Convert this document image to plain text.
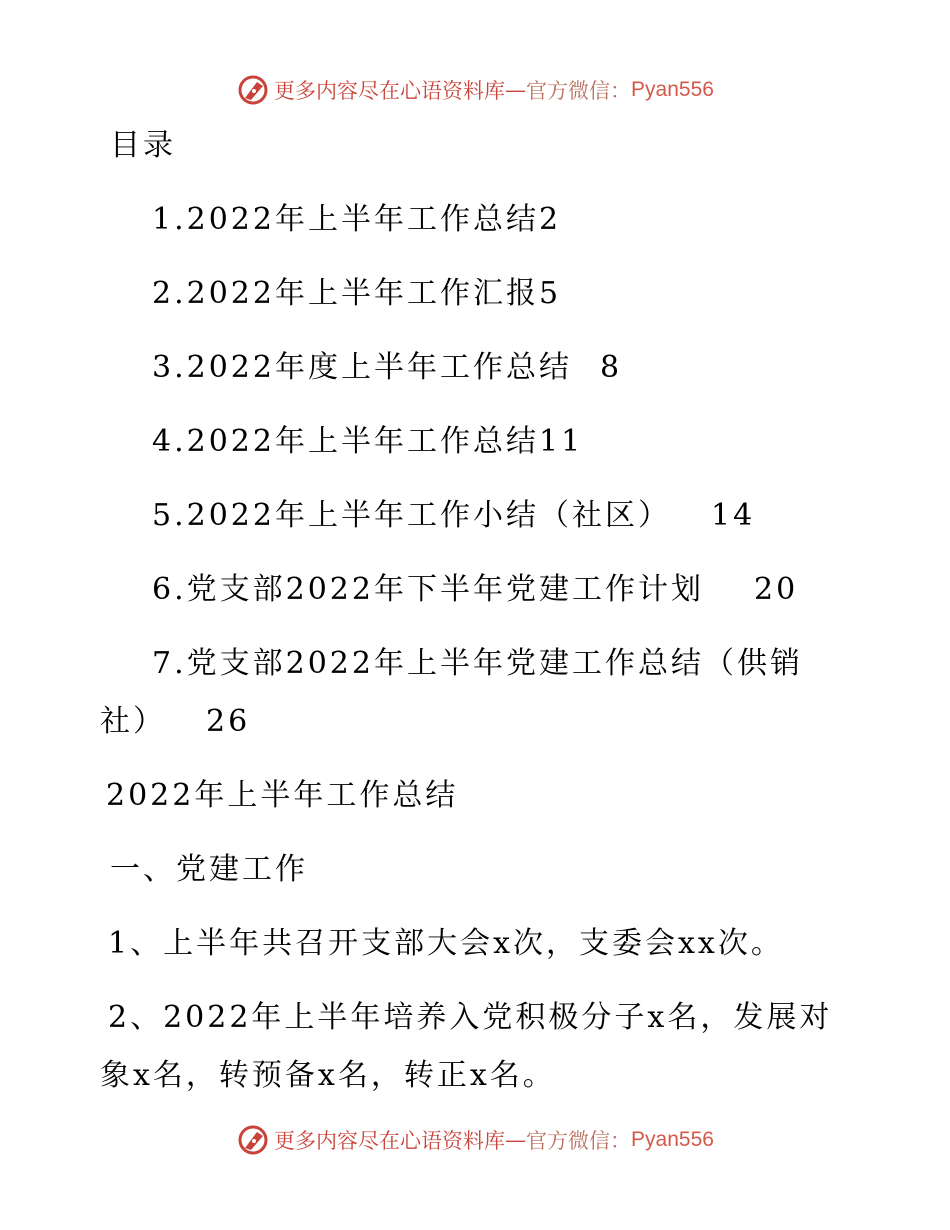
更多内容尽在心语资料库 — 官方微信： Pyan556
目录
1.2022年上半年工作总结2
2.2022年上半年工作汇报5
3.2022年度上半年工作总结 8
4.2022年上半年工作总结11
5.2022年上半年工作小结（社区） 14
6.党支部2022年下半年党建工作计划 20
7.党支部2022年上半年党建工作总结（供销
社） 26
2022年上半年工作总结
一、党建工作
1、上半年共召开支部大会x次，支委会xx次。
2、2022年上半年培养入党积极分子x名，发展对
象x名，转预备x名，转正x名。
更多内容尽在心语资料库 — 官方微信： Pyan556
